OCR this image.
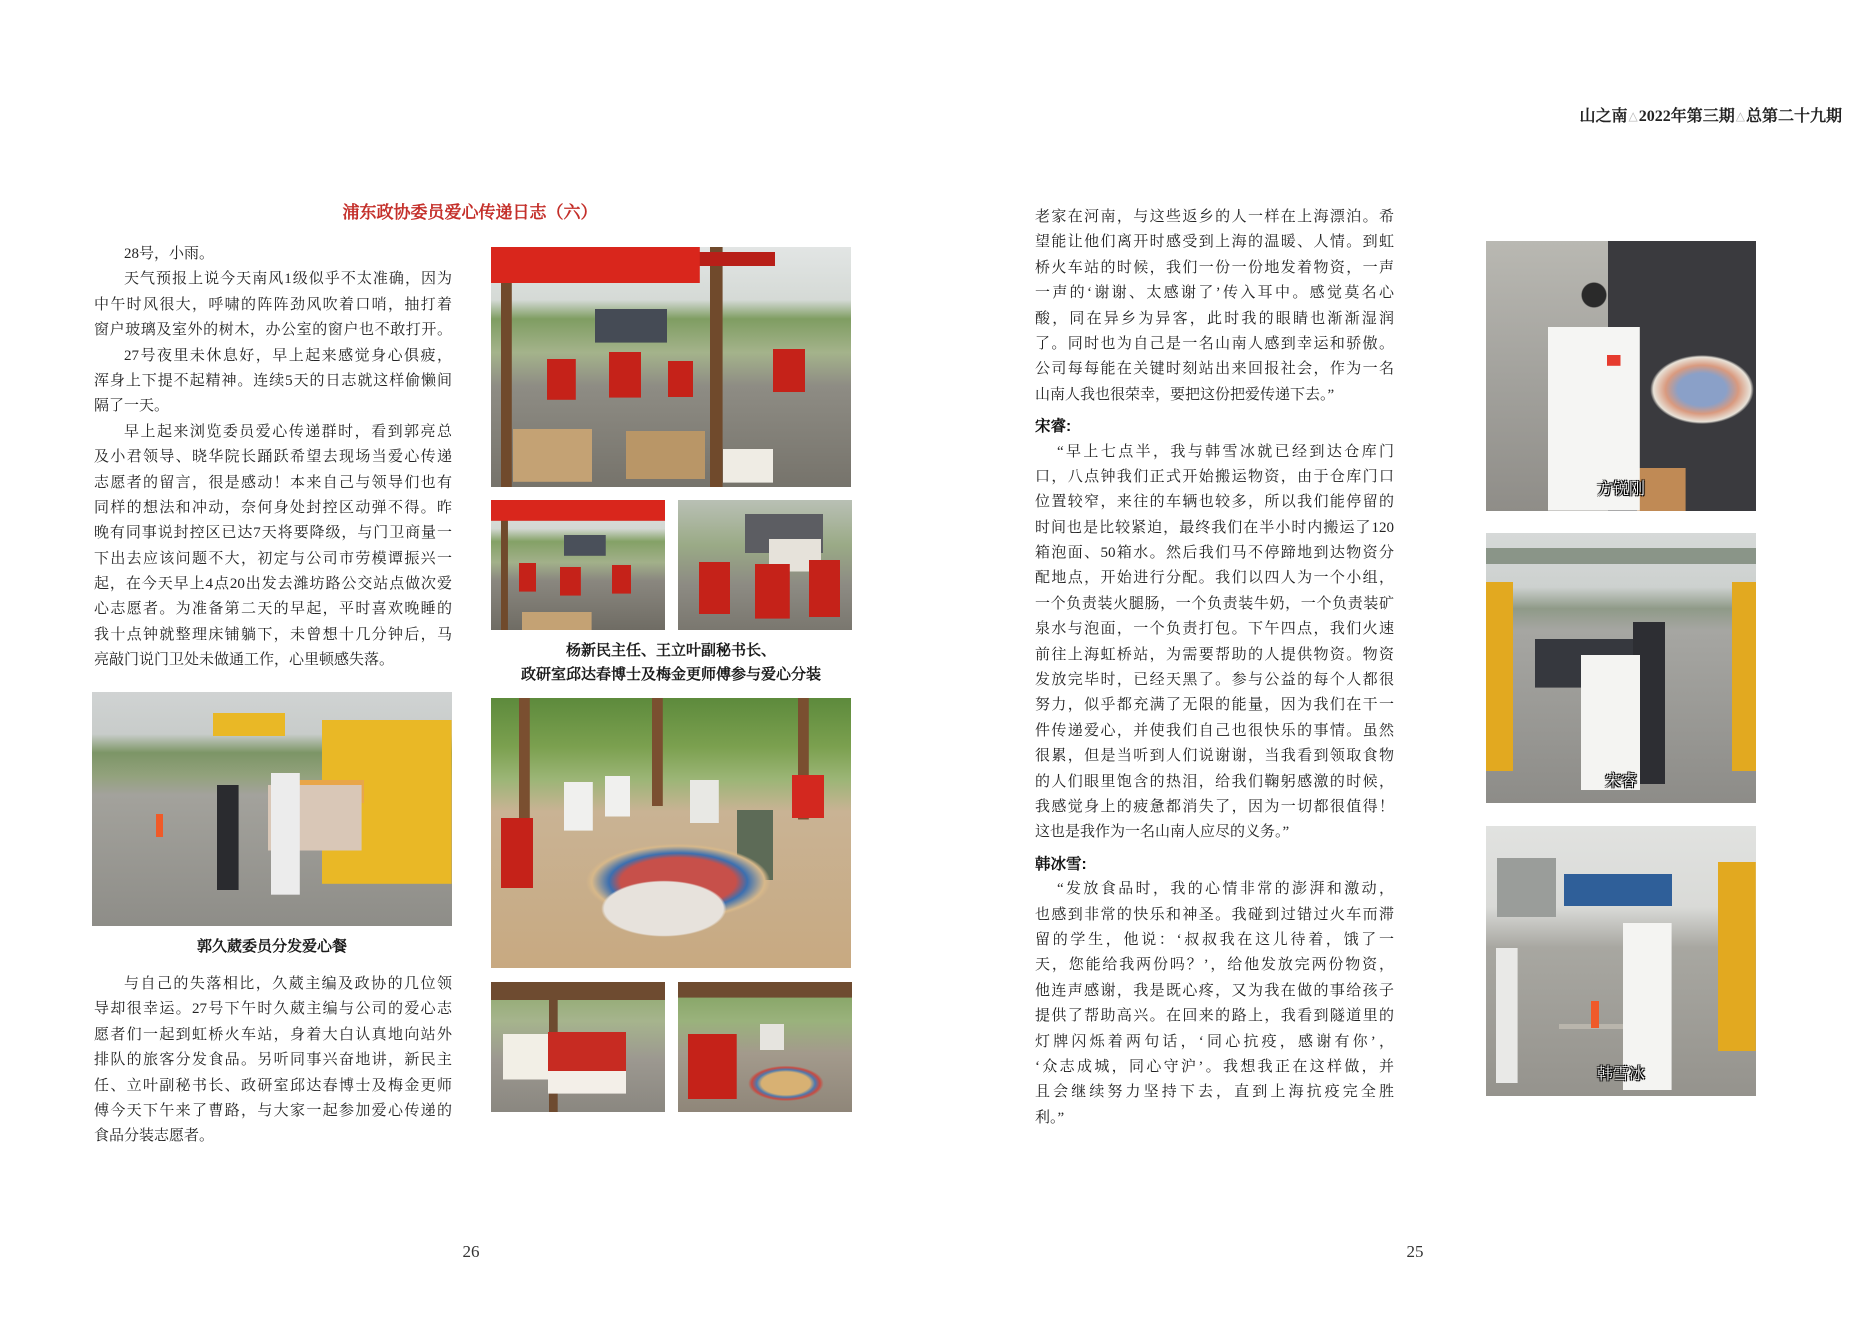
山之南△2022年第三期△总第二十九期
浦东政协委员爱心传递日志（六）
28号，小雨。
天气预报上说今天南风1级似乎不太准确，因为
中午时风很大，呼啸的阵阵劲风吹着口哨，抽打着
窗户玻璃及室外的树木，办公室的窗户也不敢打开。
27号夜里未休息好，早上起来感觉身心俱疲，
浑身上下提不起精神。连续5天的日志就这样偷懒间
隔了一天。
早上起来浏览委员爱心传递群时，看到郭亮总
及小君领导、晓华院长踊跃希望去现场当爱心传递
志愿者的留言，很是感动！本来自己与领导们也有
同样的想法和冲动，奈何身处封控区动弹不得。昨
晚有同事说封控区已达7天将要降级，与门卫商量一
下出去应该问题不大，初定与公司市劳模谭振兴一
起，在今天早上4点20出发去潍坊路公交站点做次爱
心志愿者。为准备第二天的早起，平时喜欢晚睡的
我十点钟就整理床铺躺下，未曾想十几分钟后，马
亮敲门说门卫处未做通工作，心里顿感失落。
郭久葳委员分发爱心餐
与自己的失落相比，久葳主编及政协的几位领
导却很幸运。27号下午时久葳主编与公司的爱心志
愿者们一起到虹桥火车站，身着大白认真地向站外
排队的旅客分发食品。另听同事兴奋地讲，新民主
任、立叶副秘书长、政研室邱达春博士及梅金更师
傅今天下午来了曹路，与大家一起参加爱心传递的
食品分装志愿者。
杨新民主任、王立叶副秘书长、
政研室邱达春博士及梅金更师傅参与爱心分装
26
老家在河南，与这些返乡的人一样在上海漂泊。希
望能让他们离开时感受到上海的温暖、人情。到虹
桥火车站的时候，我们一份一份地发着物资，一声
一声的‘谢谢、太感谢了’传入耳中。感觉莫名心
酸，同在异乡为异客，此时我的眼睛也渐渐湿润
了。同时也为自己是一名山南人感到幸运和骄傲。
公司每每能在关键时刻站出来回报社会，作为一名
山南人我也很荣幸，要把这份把爱传递下去。”
宋睿:
“早上七点半，我与韩雪冰就已经到达仓库门
口，八点钟我们正式开始搬运物资，由于仓库门口
位置较窄，来往的车辆也较多，所以我们能停留的
时间也是比较紧迫，最终我们在半小时内搬运了120
箱泡面、50箱水。然后我们马不停蹄地到达物资分
配地点，开始进行分配。我们以四人为一个小组，
一个负责装火腿肠，一个负责装牛奶，一个负责装矿
泉水与泡面，一个负责打包。下午四点，我们火速
前往上海虹桥站，为需要帮助的人提供物资。物资
发放完毕时，已经天黑了。参与公益的每个人都很
努力，似乎都充满了无限的能量，因为我们在干一
件传递爱心，并使我们自己也很快乐的事情。虽然
很累，但是当听到人们说谢谢，当我看到领取食物
的人们眼里饱含的热泪，给我们鞠躬感激的时候，
我感觉身上的疲惫都消失了，因为一切都很值得！
这也是我作为一名山南人应尽的义务。”
韩冰雪:
“发放食品时，我的心情非常的澎湃和激动，
也感到非常的快乐和神圣。我碰到过错过火车而滞
留的学生，他说：‘叔叔我在这儿待着，饿了一
天，您能给我两份吗？’，给他发放完两份物资，
他连声感谢，我是既心疼，又为我在做的事给孩子
提供了帮助高兴。在回来的路上，我看到隧道里的
灯牌闪烁着两句话，‘同心抗疫，感谢有你’，
‘众志成城，同心守沪’。我想我正在这样做，并
且会继续努力坚持下去，直到上海抗疫完全胜
利。”
方锐刚
宋睿
韩雪冰
25
